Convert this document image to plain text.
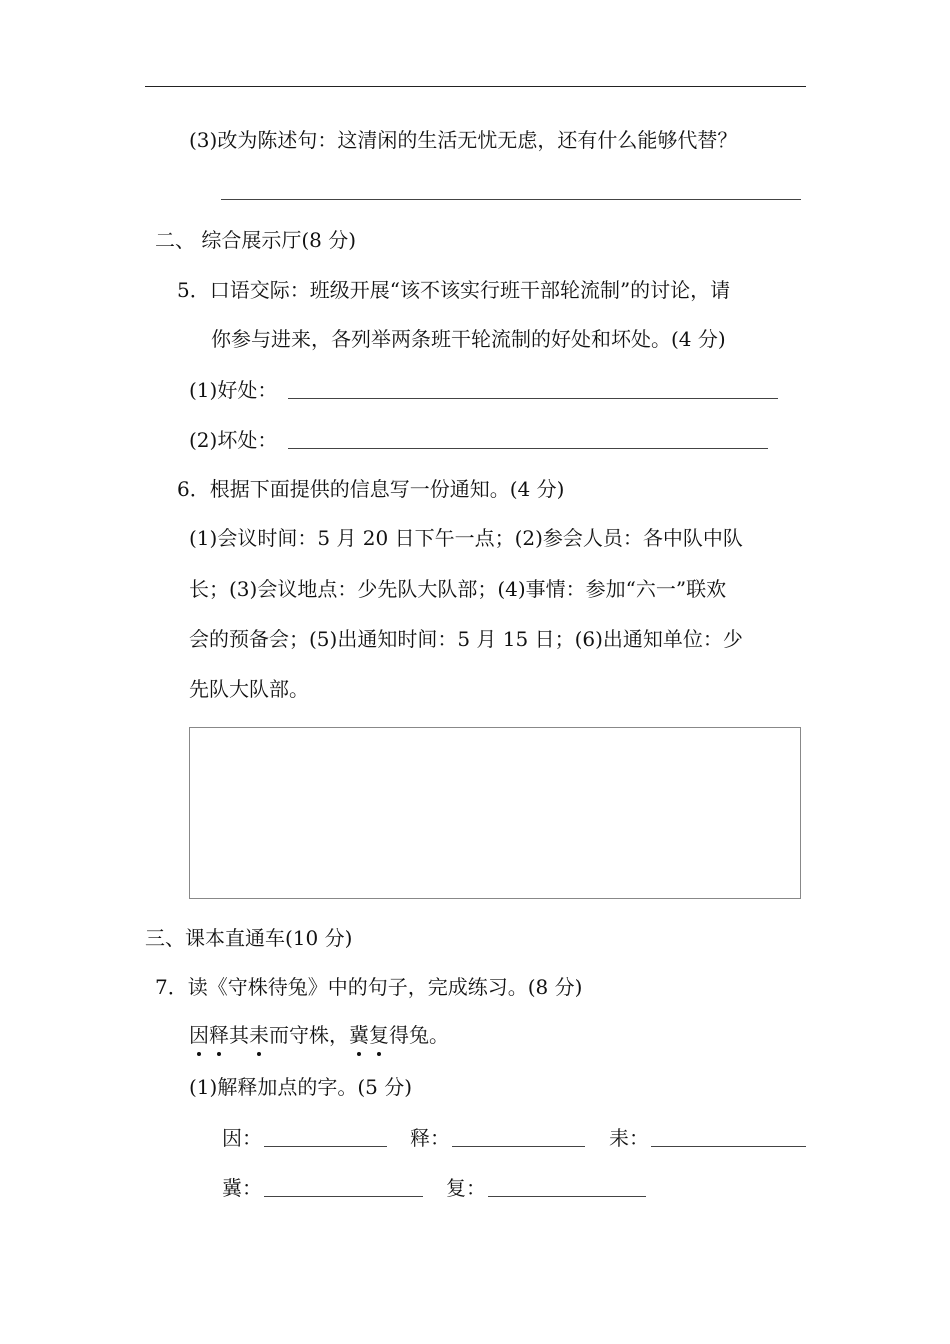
(3)改为陈述句：这清闲的生活无忧无虑，还有什么能够代替？
二、 综合展示厅(8 分)
5．口语交际：班级开展“该不该实行班干部轮流制”的讨论，请
你参与进来，各列举两条班干轮流制的好处和坏处。(4 分)
(1)好处：
(2)坏处：
6．根据下面提供的信息写一份通知。(4 分)
(1)会议时间：5 月 20 日下午一点；(2)参会人员：各中队中队
长；(3)会议地点：少先队大队部；(4)事情：参加“六一”联欢
会的预备会；(5)出通知时间：5 月 15 日；(6)出通知单位：少
先队大队部。
三、课本直通车(10 分)
7．读《守株待兔》中的句子，完成练习。(8 分)
因释其耒而守株，冀复得兔。
(1)解释加点的字。(5 分)
因：	释：	耒：
冀：	复：
